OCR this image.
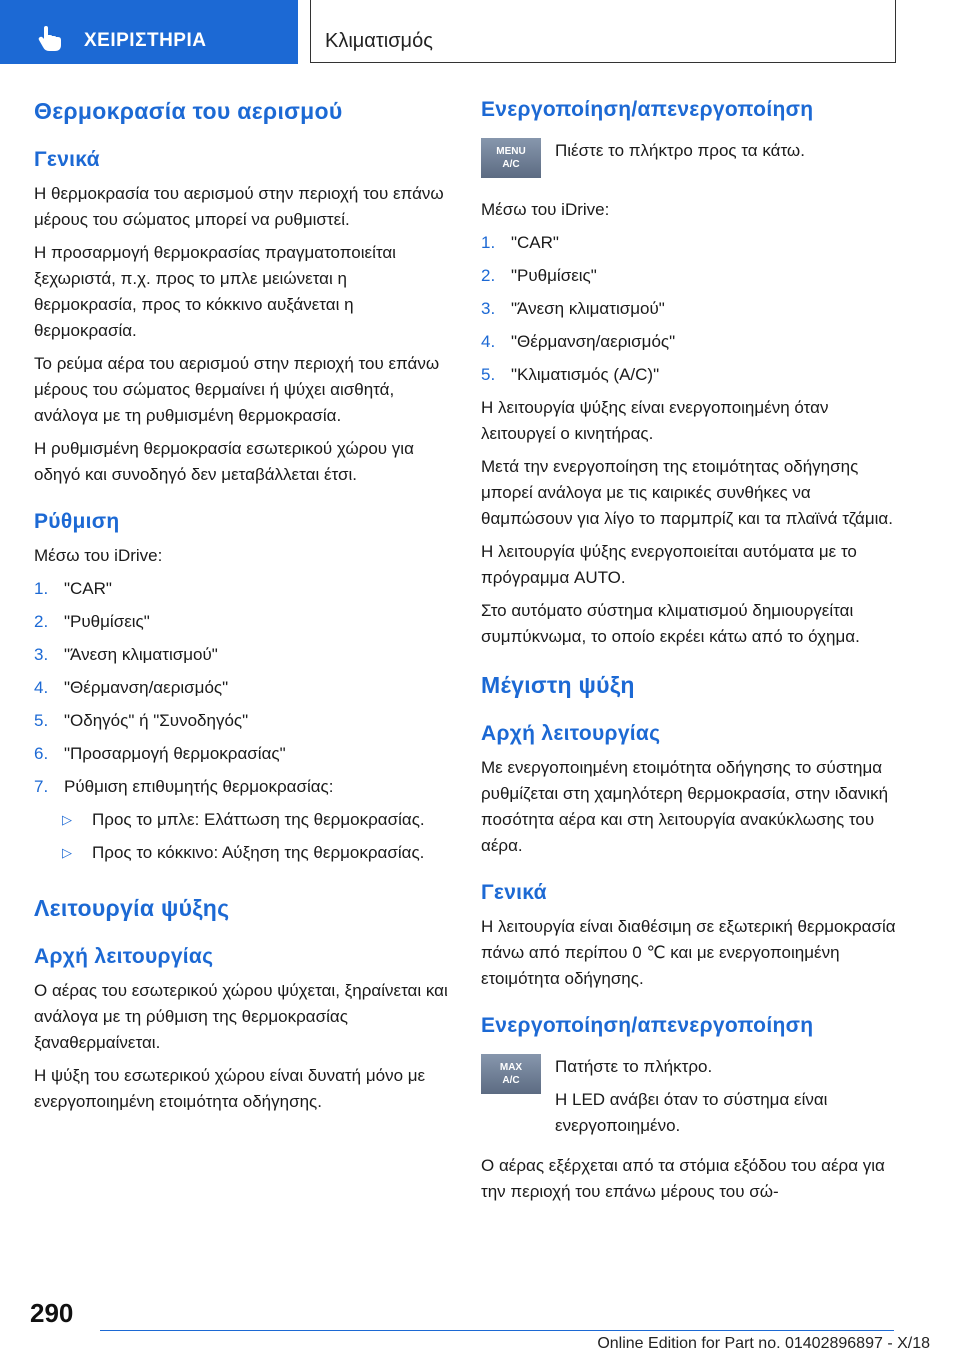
ΧΕΙΡΙΣΤΗΡΙΑ	Κλιματισμός
Θερμοκρασία του αερισμού
Γενικά

Η θερμοκρασία του αερισμού στην περιοχή του επάνω μέρους του σώματος μπορεί να ρυθμιστεί.

Η προσαρμογή θερμοκρασίας πραγματοποιείται ξεχωριστά, π.χ. προς το μπλε μειώνεται η θερμοκρασία, προς το κόκκινο αυξάνεται η θερμοκρασία.

Το ρεύμα αέρα του αερισμού στην περιοχή του επάνω μέρους του σώματος θερμαίνει ή ψύχει αισθητά, ανάλογα με τη ρυθμισμένη θερμοκρασία.

Η ρυθμισμένη θερμοκρασία εσωτερικού χώρου για οδηγό και συνοδηγό δεν μεταβάλλεται έτσι.

Ρύθμιση

Μέσω του iDrive:

1. "CAR"
2. "Ρυθμίσεις"
3. "Άνεση κλιματισμού"
4. "Θέρμανση/αερισμός"
5. "Οδηγός" ή "Συνοδηγός"
6. "Προσαρμογή θερμοκρασίας"
7. Ρύθμιση επιθυμητής θερμοκρασίας:
▷ Προς το μπλε: Ελάττωση της θερμοκρασίας.
▷ Προς το κόκκινο: Αύξηση της θερμοκρασίας.
Λειτουργία ψύξης
Αρχή λειτουργίας

Ο αέρας του εσωτερικού χώρου ψύχεται, ξηραίνεται και ανάλογα με τη ρύθμιση της θερμοκρασίας ξαναθερμαίνεται.

Η ψύξη του εσωτερικού χώρου είναι δυνατή μόνο με ενεργοποιημένη ετοιμότητα οδήγησης.

Ενεργοποίηση/απενεργοποίηση
MENU
A/C

Πιέστε το πλήκτρο προς τα κάτω.

Μέσω του iDrive:

1. "CAR"
2. "Ρυθμίσεις"
3. "Άνεση κλιματισμού"
4. "Θέρμανση/αερισμός"
5. "Κλιματισμός (A/C)"

Η λειτουργία ψύξης είναι ενεργοποιημένη όταν λειτουργεί ο κινητήρας.

Μετά την ενεργοποίηση της ετοιμότητας οδήγησης μπορεί ανάλογα με τις καιρικές συνθήκες να θαμπώσουν για λίγο το παρμπρίζ και τα πλαϊνά τζάμια.

Η λειτουργία ψύξης ενεργοποιείται αυτόματα με το πρόγραμμα AUTO.

Στο αυτόματο σύστημα κλιματισμού δημιουργείται συμπύκνωμα, το οποίο εκρέει κάτω από το όχημα.

Μέγιστη ψύξη
Αρχή λειτουργίας

Με ενεργοποιημένη ετοιμότητα οδήγησης το σύστημα ρυθμίζεται στη χαμηλότερη θερμοκρασία, στην ιδανική ποσότητα αέρα και στη λειτουργία ανακύκλωσης του αέρα.

Γενικά

Η λειτουργία είναι διαθέσιμη σε εξωτερική θερμοκρασία πάνω από περίπου 0 ℃ και με ενεργοποιημένη ετοιμότητα οδήγησης.

Ενεργοποίηση/απενεργοποίηση
MAX
A/C

Πατήστε το πλήκτρο.

Η LED ανάβει όταν το σύστημα είναι ενεργοποιημένο.

Ο αέρας εξέρχεται από τα στόμια εξόδου του αέρα για την περιοχή του επάνω μέρους του σώ-

290
Online Edition for Part no. 01402896897 - X/18
